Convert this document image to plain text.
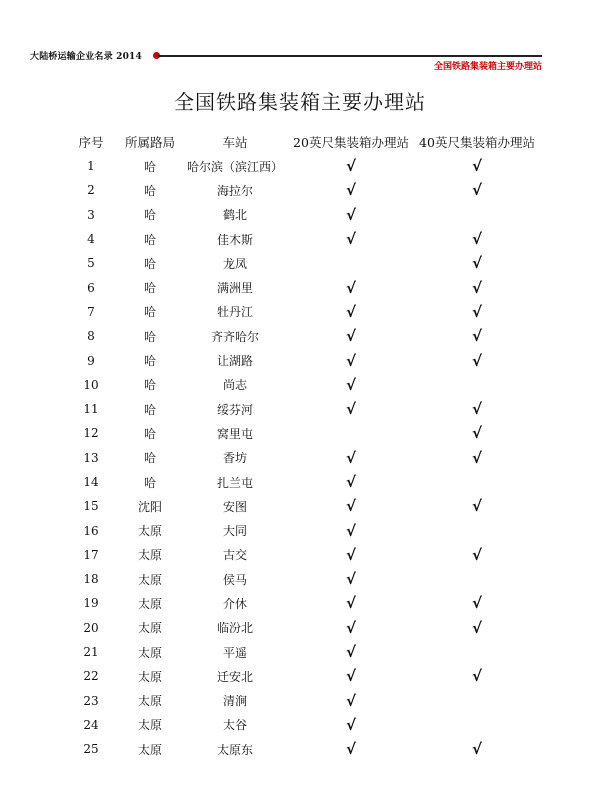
大陆桥运输企业名录 2014
全国铁路集装箱主要办理站
全国铁路集装箱主要办理站
序号	所属路局	车站	20英尺集装箱办理站	40英尺集装箱办理站
1	哈	哈尔滨（滨江西）	√	√
2	哈	海拉尔	√	√
3	哈	鹤北	√	
4	哈	佳木斯	√	√
5	哈	龙凤		√
6	哈	满洲里	√	√
7	哈	牡丹江	√	√
8	哈	齐齐哈尔	√	√
9	哈	让湖路	√	√
10	哈	尚志	√	
11	哈	绥芬河	√	√
12	哈	窝里屯		√
13	哈	香坊	√	√
14	哈	扎兰屯	√	
15	沈阳	安图	√	√
16	太原	大同	√	
17	太原	古交	√	√
18	太原	侯马	√	
19	太原	介休	√	√
20	太原	临汾北	√	√
21	太原	平遥	√	
22	太原	迁安北	√	√
23	太原	清涧	√	
24	太原	太谷	√	
25	太原	太原东	√	√
